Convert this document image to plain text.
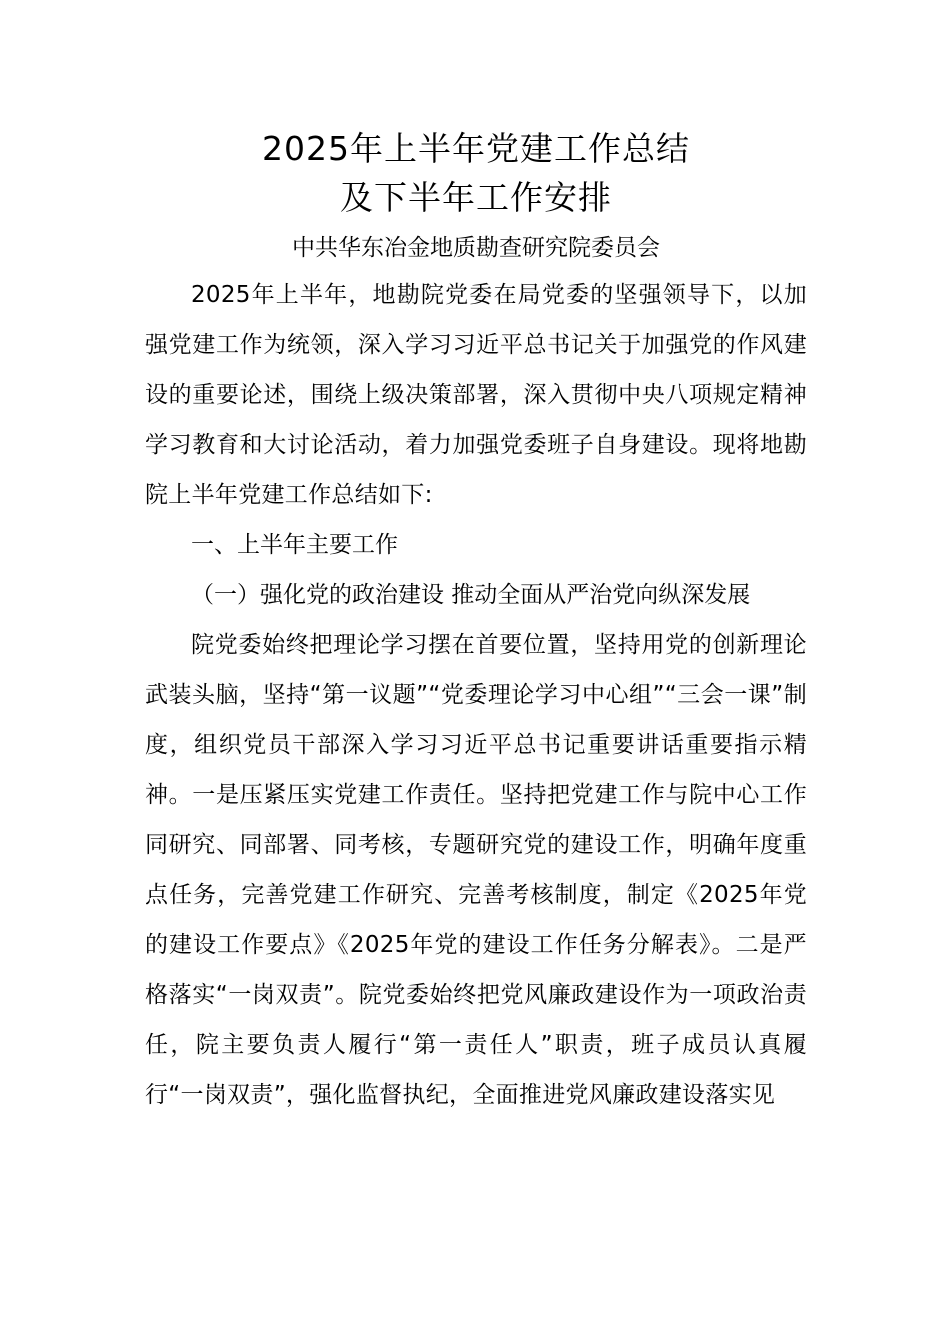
2025年上半年党建工作总结
及下半年工作安排

中共华东冶金地质勘查研究院委员会

2025年上半年，地勘院党委在局党委的坚强领导下，以加强党建工作为统领，深入学习习近平总书记关于加强党的作风建设的重要论述，围绕上级决策部署，深入贯彻中央八项规定精神学习教育和大讨论活动，着力加强党委班子自身建设。现将地勘院上半年党建工作总结如下:

一、上半年主要工作

（一）强化党的政治建设 推动全面从严治党向纵深发展

院党委始终把理论学习摆在首要位置，坚持用党的创新理论武装头脑，坚持“第一议题”“党委理论学习中心组”“三会一课”制度，组织党员干部深入学习习近平总书记重要讲话重要指示精神。一是压紧压实党建工作责任。坚持把党建工作与院中心工作同研究、同部署、同考核，专题研究党的建设工作，明确年度重点任务，完善党建工作研究、完善考核制度，制定《2025年党的建设工作要点》《2025年党的建设工作任务分解表》。二是严格落实“一岗双责”。院党委始终把党风廉政建设作为一项政治责任，院主要负责人履行“第一责任人”职责，班子成员认真履行“一岗双责”，强化监督执纪，全面推进党风廉政建设落实见
